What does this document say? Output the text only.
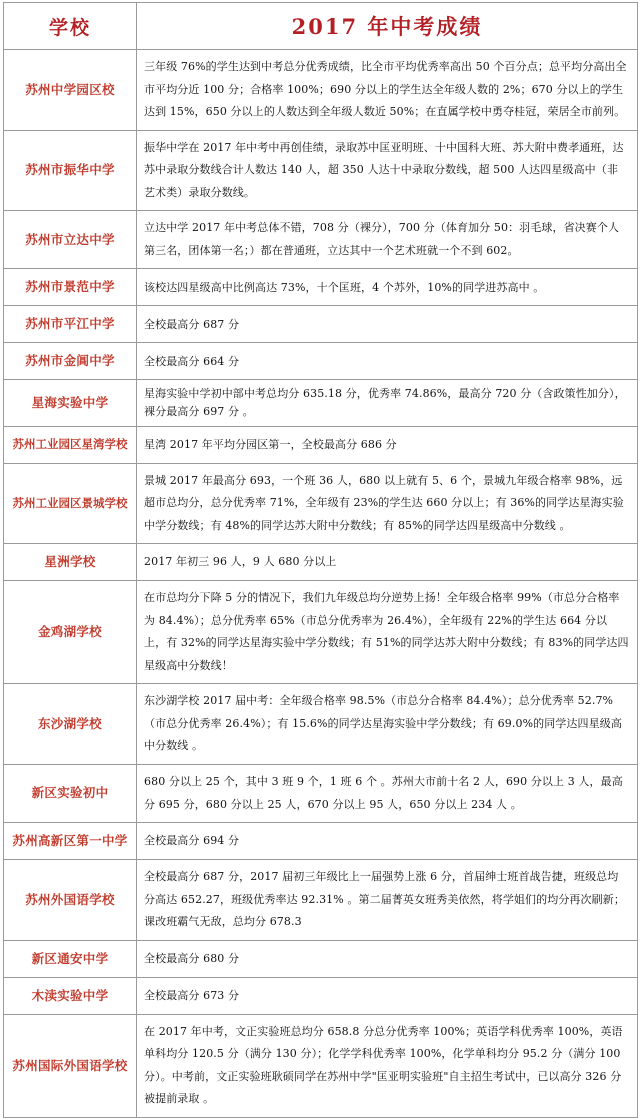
学校	2017 年中考成绩
苏州中学园区校	三年级 76%的学生达到中考总分优秀成绩，比全市平均优秀率高出 50 个百分点；总平均分高出全市平均分近 100 分；合格率 100%；690 分以上的学生达全年级人数的 2%；670 分以上的学生达到 15%，650 分以上的人数达到全年级人数近 50%；在直属学校中勇夺桂冠，荣居全市前列。
苏州市振华中学	振华中学在 2017 年中考中再创佳绩，录取苏中匡亚明班、十中国科大班、苏大附中费孝通班，达苏中录取分数线合计人数达 140 人，超 350 人达十中录取分数线，超 500 人达四星级高中（非艺术类）录取分数线。
苏州市立达中学	立达中学 2017 年中考总体不错，708 分（裸分），700 分（体育加分 50：羽毛球，省决赛个人第三名，团体第一名；）都在普通班，立达其中一个艺术班就一个不到 602。
苏州市景范中学	该校达四星级高中比例高达 73%，十个匡班，4 个苏外，10%的同学进苏高中 。
苏州市平江中学	全校最高分 687 分
苏州市金阊中学	全校最高分 664 分
星海实验中学	星海实验中学初中部中考总均分 635.18 分，优秀率 74.86%，最高分 720 分（含政策性加分），裸分最高分 697 分 。
苏州工业园区星湾学校	星湾 2017 年平均分园区第一，全校最高分 686 分
苏州工业园区景城学校	景城 2017 年最高分 693，一个班 36 人，680 以上就有 5、6 个，景城九年级合格率 98%，远超市总均分，总分优秀率 71%，全年级有 23%的学生达 660 分以上；有 36%的同学达星海实验中学分数线；有 48%的同学达苏大附中分数线；有 85%的同学达四星级高中分数线 。
星洲学校	2017 年初三 96 人，9 人 680 分以上
金鸡湖学校	在市总均分下降 5 分的情况下，我们九年级总均分逆势上扬！全年级合格率 99%（市总分合格率为 84.4%）；总分优秀率 65%（市总分优秀率为 26.4%），全年级有 22%的学生达 664 分以上，有 32%的同学达星海实验中学分数线；有 51%的同学达苏大附中分数线；有 83%的同学达四星级高中分数线！
东沙湖学校	东沙湖学校 2017 届中考：全年级合格率 98.5%（市总分合格率 84.4%）；总分优秀率 52.7%（市总分优秀率 26.4%）；有 15.6%的同学达星海实验中学分数线；有 69.0%的同学达四星级高中分数线 。
新区实验初中	680 分以上 25 个，其中 3 班 9 个，1 班 6 个 。苏州大市前十名 2 人，690 分以上 3 人，最高分 695 分，680 分以上 25 人，670 分以上 95 人，650 分以上 234 人 。
苏州高新区第一中学	全校最高分 694 分
苏州外国语学校	全校最高分 687 分，2017 届初三年级比上一届强势上涨 6 分，首届绅士班首战告捷，班级总均分高达 652.27，班级优秀率达 92.31% 。第二届菁英女班秀美依然，将学姐们的均分再次刷新；课改班霸气无敌，总均分 678.3
新区通安中学	全校最高分 680 分
木渎实验中学	全校最高分 673 分
苏州国际外国语学校	在 2017 年中考，文正实验班总均分 658.8 分总分优秀率 100%；英语学科优秀率 100%，英语单科均分 120.5 分（满分 130 分）；化学学科优秀率 100%，化学单科均分 95.2 分（满分 100 分）。中考前，文正实验班耿硕同学在苏州中学"匡亚明实验班"自主招生考试中，已以高分 326 分被提前录取 。
